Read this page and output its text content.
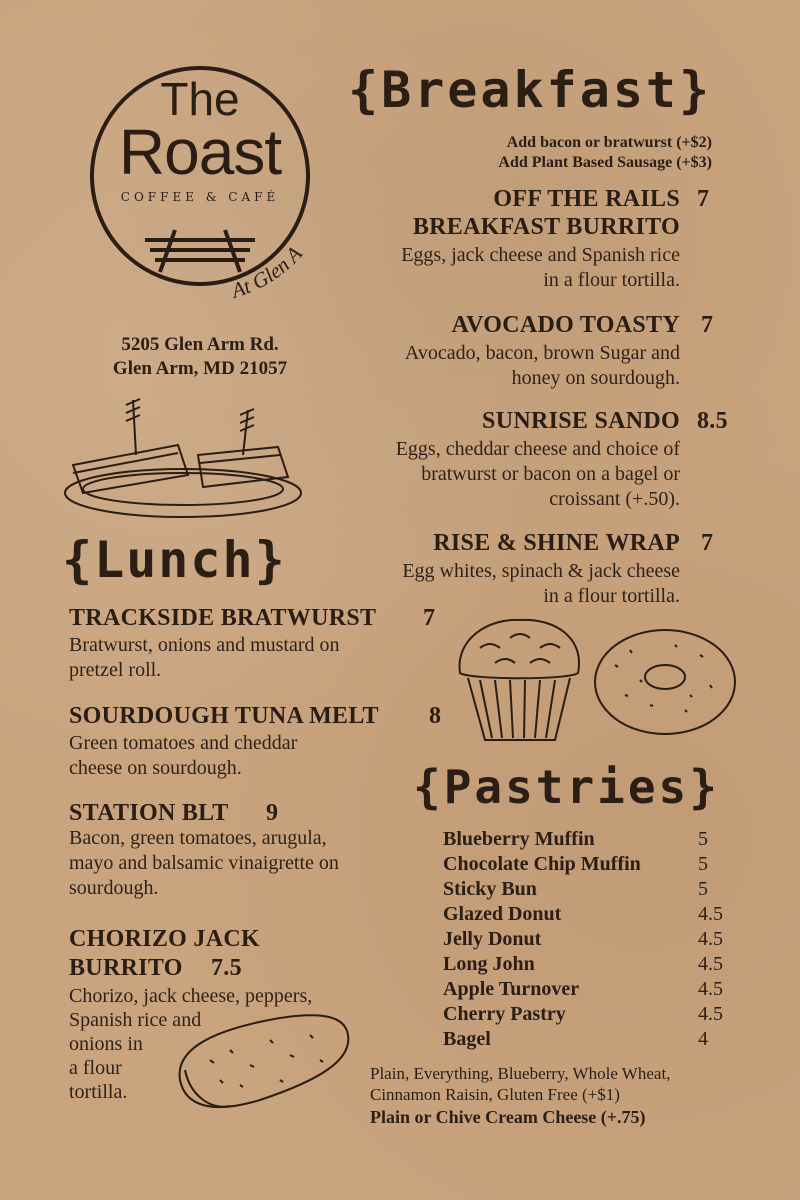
At Glen A
The
Roast
COFFEE & CAFÉ
5205 Glen Arm Rd.
Glen Arm, MD 21057
{Breakfast}
Add bacon or bratwurst (+$2)
Add Plant Based Sausage (+$3)
OFF THE RAILS 7
BREAKFAST BURRITO
Eggs, jack cheese and Spanish rice
in a flour tortilla.
AVOCADO TOASTY 7
Avocado, bacon, brown Sugar and
honey on sourdough.
SUNRISE SANDO 8.5
Eggs, cheddar cheese and choice of
bratwurst or bacon on a bagel or
croissant (+.50).
RISE & SHINE WRAP 7
Egg whites, spinach & jack cheese
in a flour tortilla.
{Lunch}
TRACKSIDE BRATWURST 7
Bratwurst, onions and mustard on
pretzel roll.
SOURDOUGH TUNA MELT 8
Green tomatoes and cheddar
cheese on sourdough.
STATION BLT 9
Bacon, green tomatoes, arugula,
mayo and balsamic vinaigrette on
sourdough.
CHORIZO JACK
BURRITO 7.5
Chorizo, jack cheese, peppers,
Spanish rice and
onions in
a flour
tortilla.
{Pastries}
Blueberry Muffin	5
Chocolate Chip Muffin	5
Sticky Bun	5
Glazed Donut	4.5
Jelly Donut	4.5
Long John	4.5
Apple Turnover	4.5
Cherry Pastry	4.5
Bagel	4
Plain, Everything, Blueberry, Whole Wheat,
Cinnamon Raisin, Gluten Free (+$1)
Plain or Chive Cream Cheese (+.75)
